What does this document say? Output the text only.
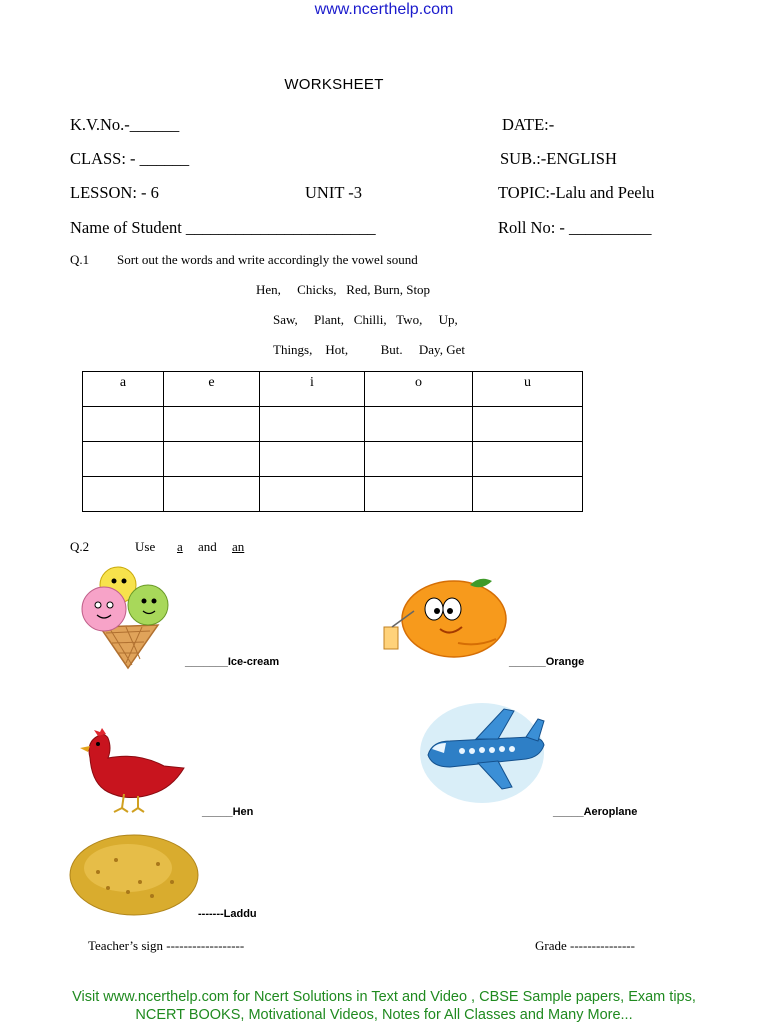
www.ncerthelp.com
WORKSHEET
K.V.No.-______	DATE:-
CLASS: - ______	SUB.:-ENGLISH
LESSON: - 6	UNIT -3	TOPIC:-Lalu and Peelu
Name of Student _______________________	Roll No: - __________
Q.1 Sort out the words and write accordingly the vowel sound
Hen,     Chicks,   Red, Burn, Stop
Saw,     Plant,   Chilli,   Two,     Up,
Things,    Hot,          But.     Day, Get
a	e	i	o	u

Q.2	Use a and an
_______Ice-cream	______Orange
_____Hen	_____Aeroplane
-------Laddu
Teacher’s sign ------------------	Grade ---------------
Visit www.ncerthelp.com for Ncert Solutions in Text and Video , CBSE Sample papers, Exam tips,
NCERT BOOKS, Motivational Videos, Notes for All Classes and Many More...
